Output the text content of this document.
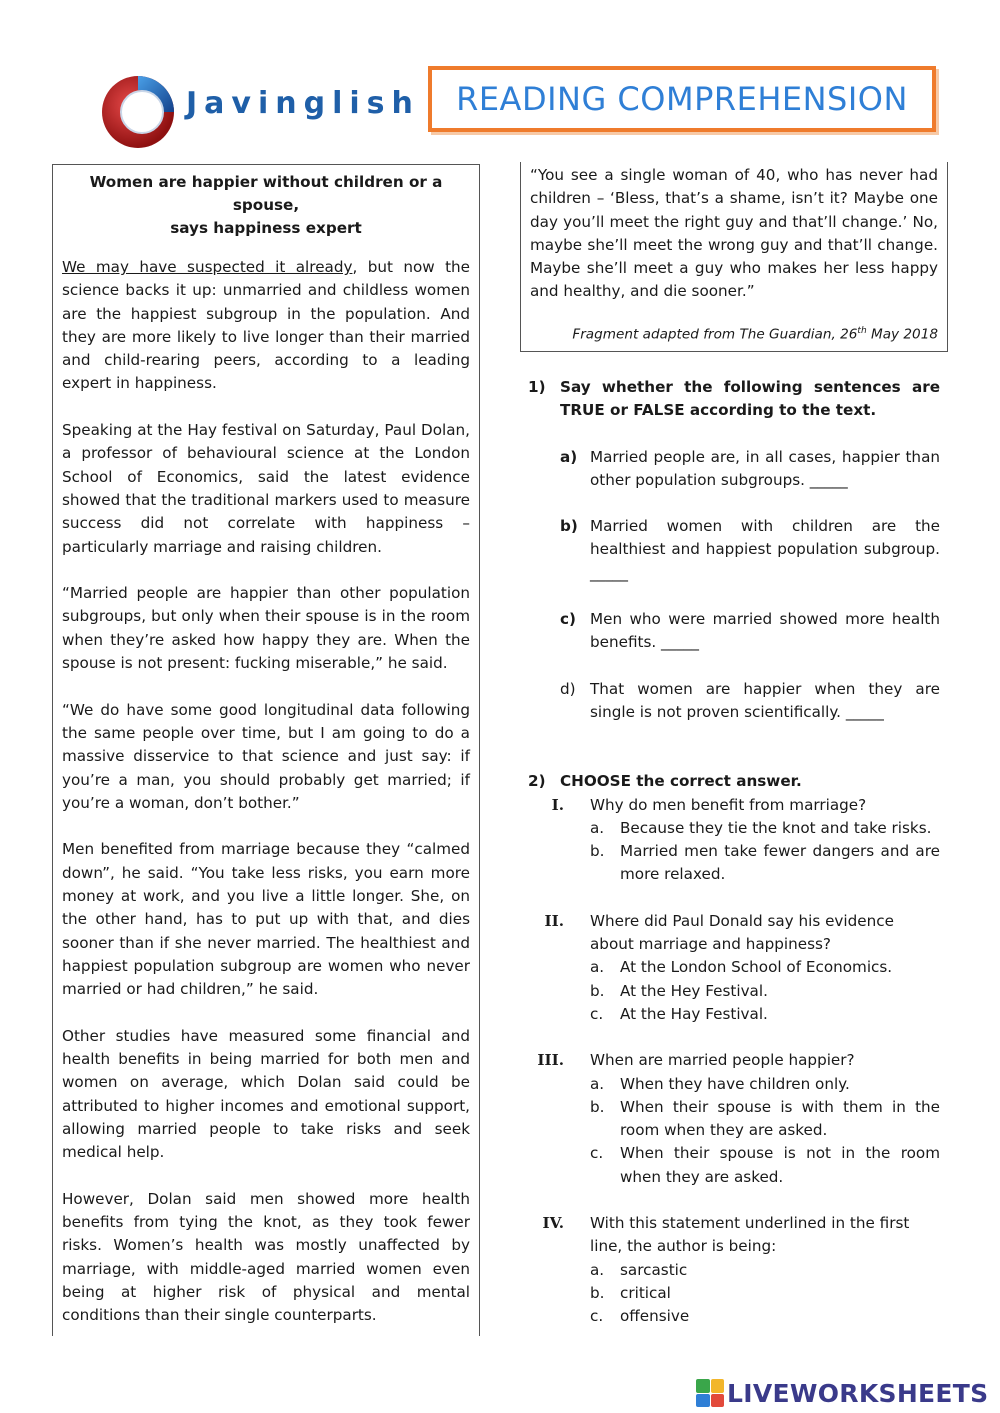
Javinglish READING COMPREHENSION
Women are happier without children or a spouse,
says happiness expert

We may have suspected it already, but now the science backs it up: unmarried and childless women are the happiest subgroup in the population. And they are more likely to live longer than their married and child-rearing peers, according to a leading expert in happiness.

Speaking at the Hay festival on Saturday, Paul Dolan, a professor of behavioural science at the London School of Economics, said the latest evidence showed that the traditional markers used to measure success did not correlate with happiness – particularly marriage and raising children.

“Married people are happier than other population subgroups, but only when their spouse is in the room when they’re asked how happy they are. When the spouse is not present: fucking miserable,” he said.

“We do have some good longitudinal data following the same people over time, but I am going to do a massive disservice to that science and just say: if you’re a man, you should probably get married; if you’re a woman, don’t bother.”

Men benefited from marriage because they “calmed down”, he said. “You take less risks, you earn more money at work, and you live a little longer. She, on the other hand, has to put up with that, and dies sooner than if she never married. The healthiest and happiest population subgroup are women who never married or had children,” he said.

Other studies have measured some financial and health benefits in being married for both men and women on average, which Dolan said could be attributed to higher incomes and emotional support, allowing married people to take risks and seek medical help.

However, Dolan said men showed more health benefits from tying the knot, as they took fewer risks. Women’s health was mostly unaffected by marriage, with middle-aged married women even being at higher risk of physical and mental conditions than their single counterparts.

“You see a single woman of 40, who has never had children – ‘Bless, that’s a shame, isn’t it? Maybe one day you’ll meet the right guy and that’ll change.’ No, maybe she’ll meet the wrong guy and that’ll change. Maybe she’ll meet a guy who makes her less happy and healthy, and die sooner.”

Fragment adapted from The Guardian, 26th May 2018
1) Say whether the following sentences are TRUE or FALSE according to the text.
a) Married people are, in all cases, happier than other population subgroups. _____
b) Married women with children are the healthiest and happiest population subgroup. _____
c) Men who were married showed more health benefits. _____
d) That women are happier when they are single is not proven scientifically. _____
2) CHOOSE the correct answer.
I.	Why do men benefit from marriage?
a.	Because they tie the knot and take risks.
b.	Married men take fewer dangers and are more relaxed.
II.	Where did Paul Donald say his evidence about marriage and happiness?
a.	At the London School of Economics.
b.	At the Hey Festival.
c.	At the Hay Festival.
III.	When are married people happier?
a.	When they have children only.
b.	When their spouse is with them in the room when they are asked.
c.	When their spouse is not in the room when they are asked.
IV.	With this statement underlined in the first line, the author is being:
a.	sarcastic
b.	critical
c.	offensive
LIVEWORKSHEETS
